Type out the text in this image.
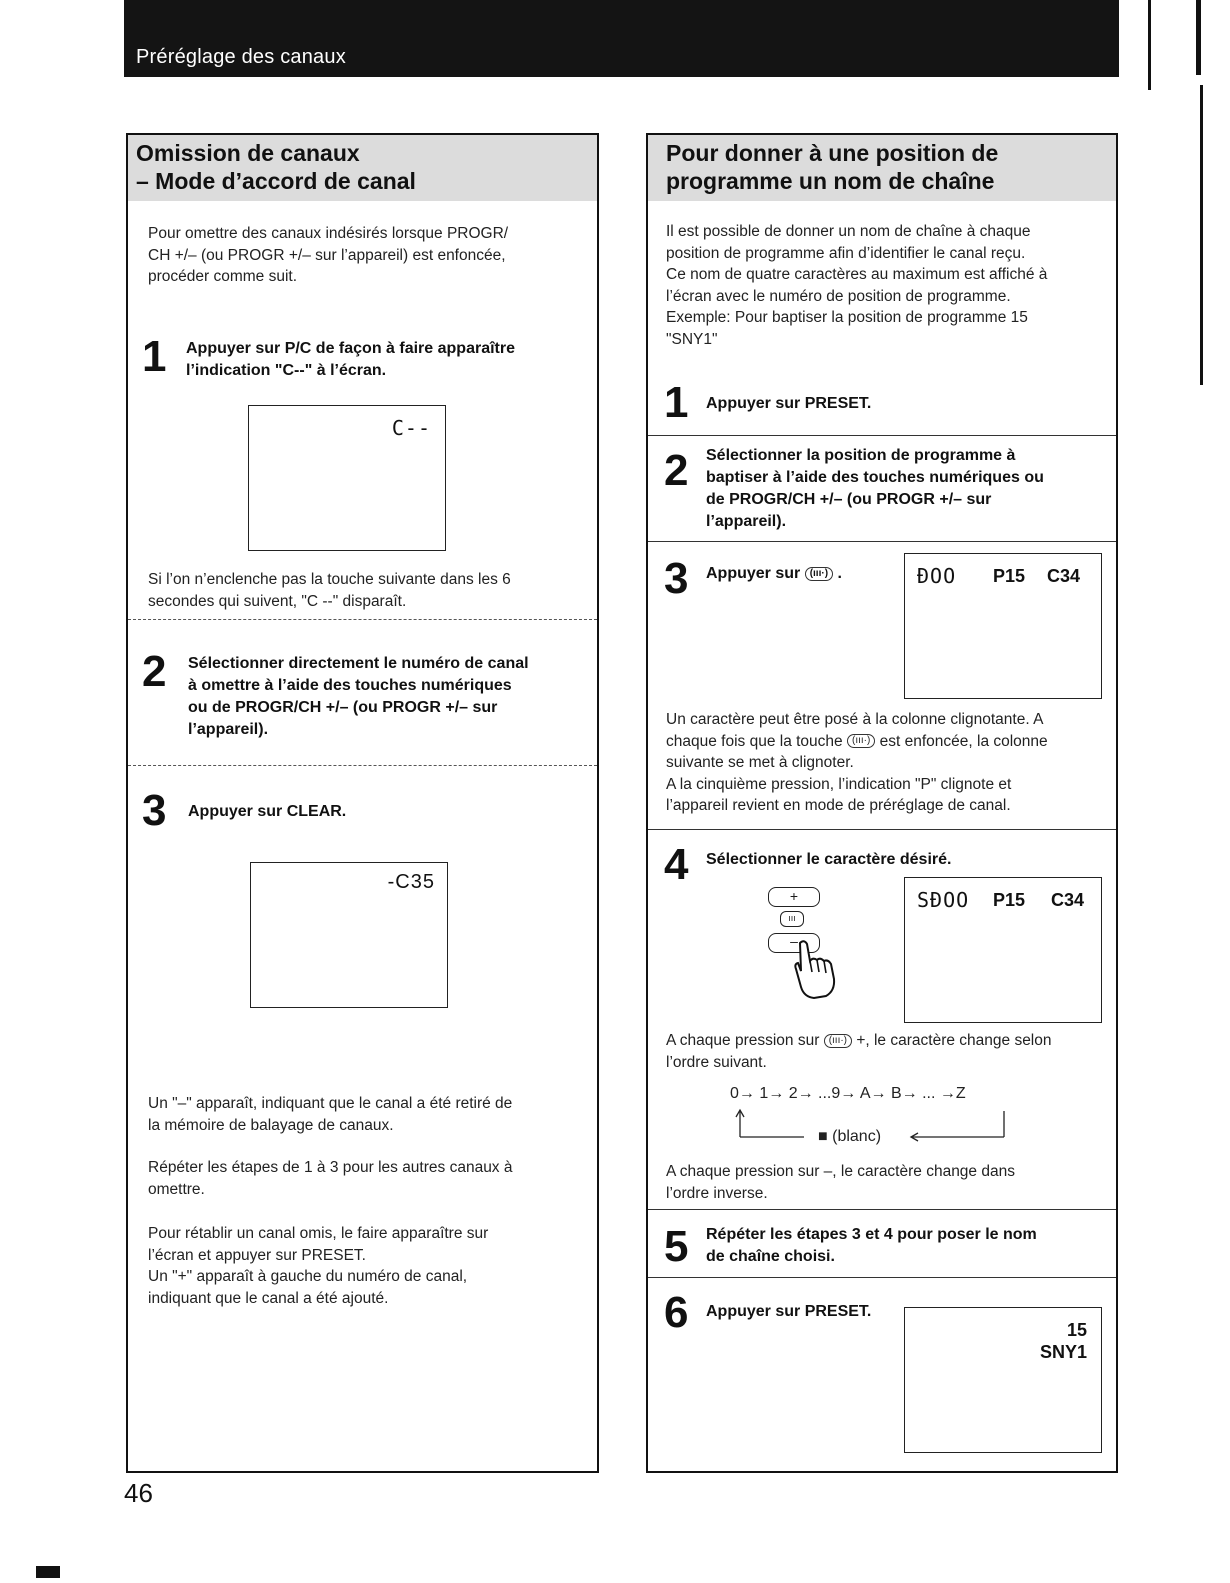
Préréglage des canaux
Omission de canaux
– Mode d’accord de canal
Pour omettre des canaux indésirés lorsque PROGR/
CH +/– (ou PROGR +/– sur l’appareil) est enfoncée,
procéder comme suit.
1 Appuyer sur P/C de façon à faire apparaître
l’indication "C--" à l’écran.
C--
Si l’on n’enclenche pas la touche suivante dans les 6
secondes qui suivent, "C --" disparaît.
2 Sélectionner directement le numéro de canal
à omettre à l’aide des touches numériques
ou de PROGR/CH +/– (ou PROGR +/– sur
l’appareil).
3 Appuyer sur CLEAR.
-C35
Un "–" apparaît, indiquant que le canal a été retiré de
la mémoire de balayage de canaux.
Répéter les étapes de 1 à 3 pour les autres canaux à
omettre.
Pour rétablir un canal omis, le faire apparaître sur
l’écran et appuyer sur PRESET.
Un "+" apparaît à gauche du numéro de canal,
indiquant que le canal a été ajouté.
Pour donner à une position de
programme un nom de chaîne
Il est possible de donner un nom de chaîne à chaque
position de programme afin d’identifier le canal reçu.
Ce nom de quatre caractères au maximum est affiché à
l’écran avec le numéro de position de programme.
Exemple: Pour baptiser la position de programme 15
"SNY1"
1 Appuyer sur PRESET.
2 Sélectionner la position de programme à
baptiser à l’aide des touches numériques ou
de PROGR/CH +/– (ou PROGR +/– sur
l’appareil).
3 Appuyer sur (ııı·) .	ĐOO P15 C34
Un caractère peut être posé à la colonne clignotante. A
chaque fois que la touche (ııı·) est enfoncée, la colonne
suivante se met à clignoter.
A la cinquième pression, l’indication "P" clignote et
l’appareil revient en mode de préréglage de canal.
4 Sélectionner le caractère désiré.
+
ııı
–
SĐOO P15 C34
A chaque pression sur (ııı·) +, le caractère change selon
l’ordre suivant.
0→ 1→ 2→ ...9→ A→ B→ ... →Z
■ (blanc)
A chaque pression sur –, le caractère change dans
l’ordre inverse.
5 Répéter les étapes 3 et 4 pour poser le nom
de chaîne choisi.
6 Appuyer sur PRESET.
15
SNY1
46
